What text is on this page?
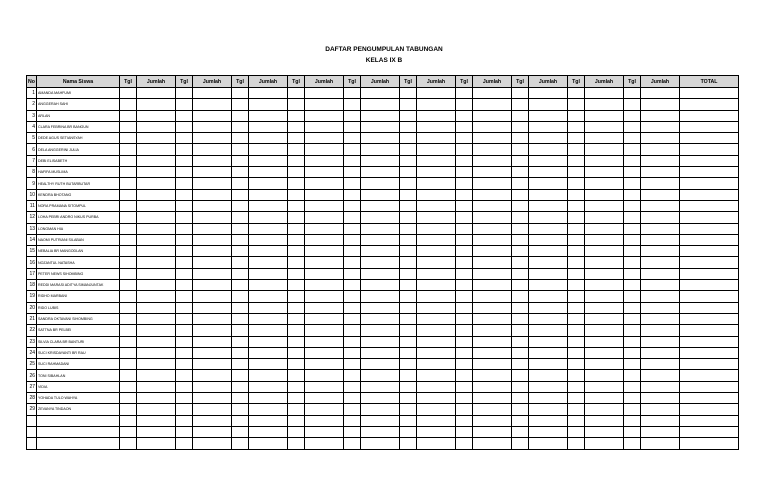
DAFTAR PENGUMPULAN TABUNGAN
KELAS IX B
No	Nama Siswa	Tgl	Jumlah	Tgl	Jumlah	Tgl	Jumlah	Tgl	Jumlah	Tgl	Jumlah	Tgl	Jumlah	Tgl	Jumlah	Tgl	Jumlah	Tgl	Jumlah	Tgl	Jumlah	TOTAL
1	AMANDA MAHFUMI																					
2	ANGGERAH SAHI																					
3	ARLAN																					
4	CLARA FEBRINA BR BANGUN																					
5	DEDE AGUS SETIANSYAH																					
6	DELA ANGGERINI JULIA																					
7	DEBI ELISABETH																					
8	HAFIFA MUSLIMA																					
9	HEALTHY RUTH BUTARBUTAR																					
10	KENDRA BHOTANG																					
11	NORA PRAMANA SITOMPUL																					
12	LOHA PEBRI ANDRO NIKUS PURBA																					
13	LONGMAN HIA																					
14	NAOMI PUTRIANI SILABAN																					
15	NEBALIA BR MANGODLAN																					
16	NOZANTUL NATASHA																					
17	PETER NEWS SIHOMBING																					
18	REDDI MARASI ADITYA SIMANJUNTAK																					
19	RIDHO MARBANI																					
20	RIDO LUBIS																					
21	SANDRA OKTAVANI SIHOMBING																					
22	SATTNA BR PELBEI																					
23	SILVIA CLARA BR BANTURI																					
24	SUCI KRISDAYANTI BR RAU																					
25	SUCI RAHMADANI																					
26	TONI SIBAHLAN																					
27	VIDIA																					
28	YOHADA TULO WAHYA																					
29	ZEVANYA TINDAON																					
